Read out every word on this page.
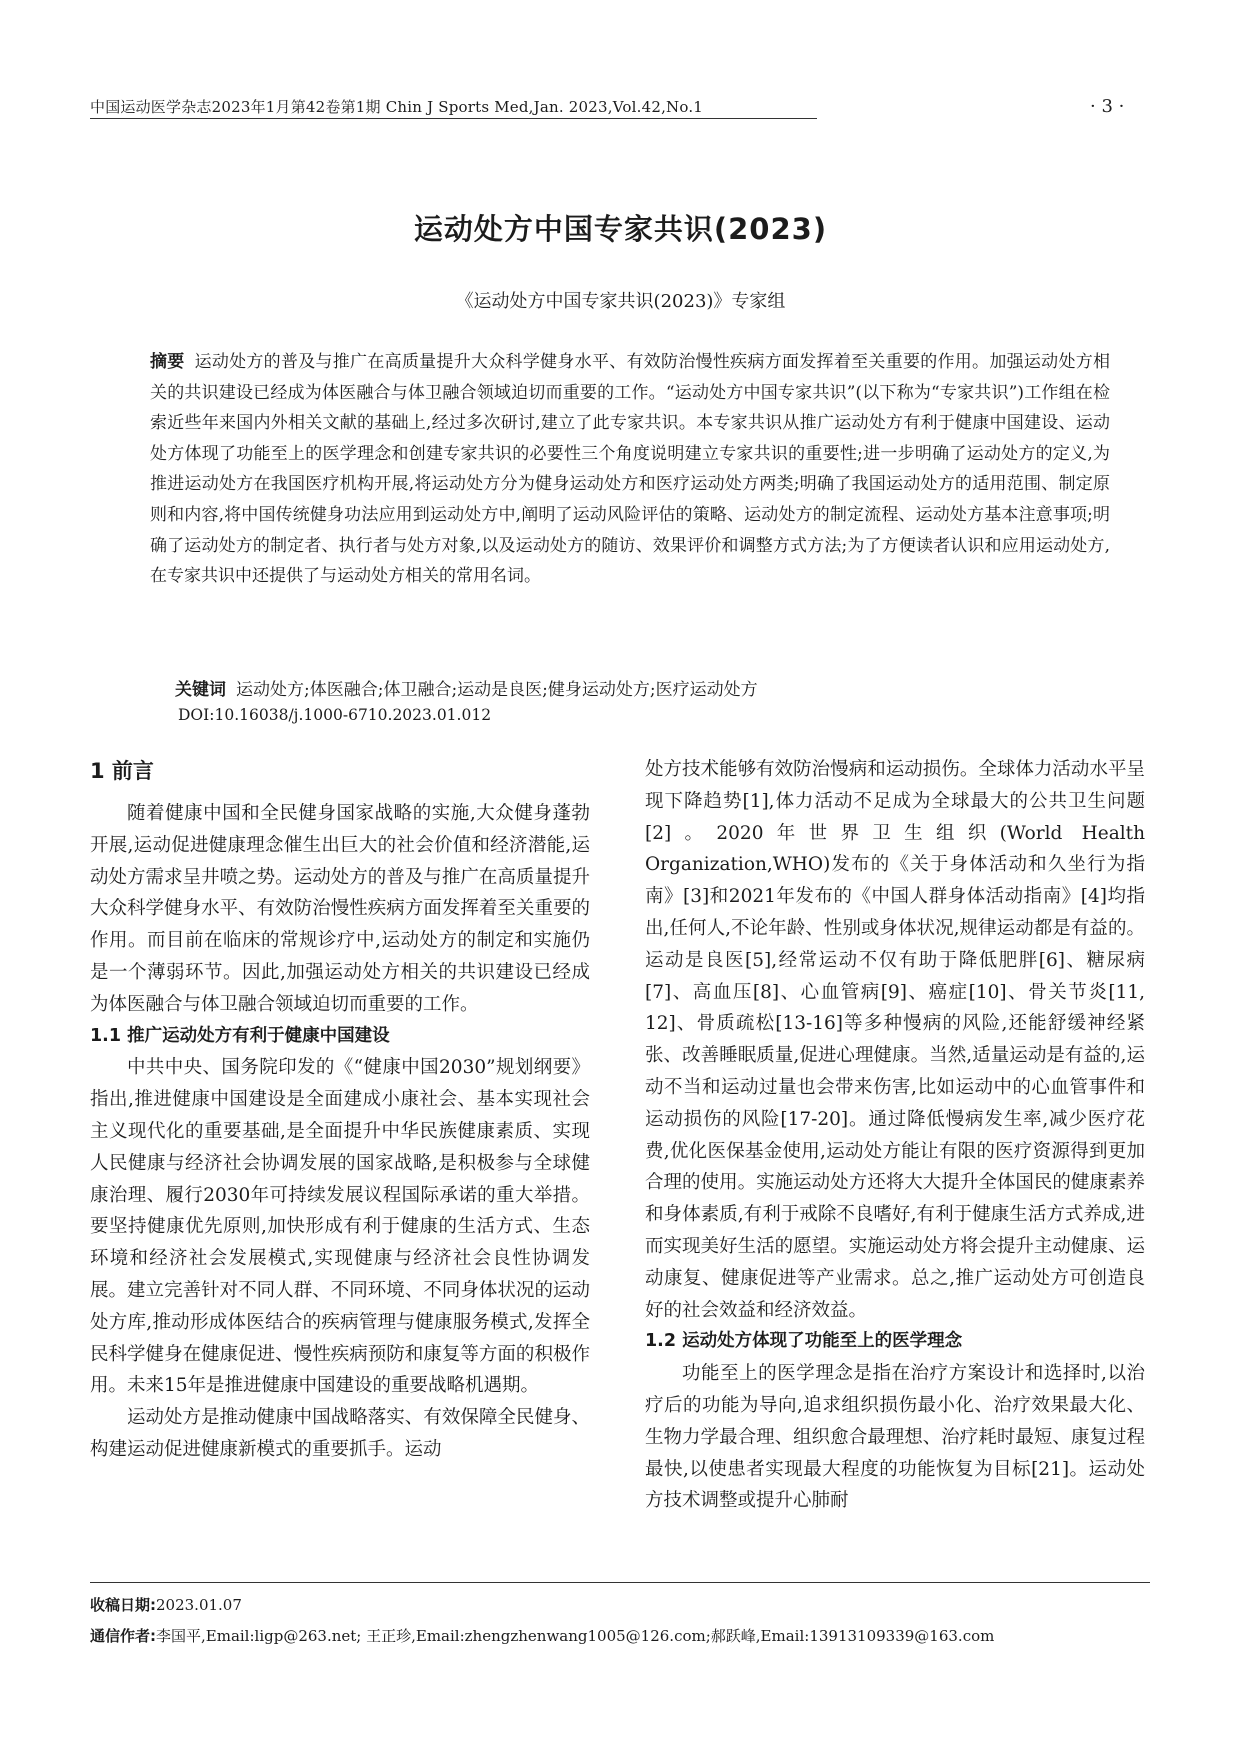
中国运动医学杂志2023年1月第42卷第1期 Chin J Sports Med,Jan. 2023,Vol.42,No.1	· 3 ·
运动处方中国专家共识(2023)
《运动处方中国专家共识(2023)》专家组

摘要 运动处方的普及与推广在高质量提升大众科学健身水平、有效防治慢性疾病方面发挥着至关重要的作用。加强运动处方相关的共识建设已经成为体医融合与体卫融合领域迫切而重要的工作。“运动处方中国专家共识”(以下称为“专家共识”)工作组在检索近些年来国内外相关文献的基础上,经过多次研讨,建立了此专家共识。本专家共识从推广运动处方有利于健康中国建设、运动处方体现了功能至上的医学理念和创建专家共识的必要性三个角度说明建立专家共识的重要性;进一步明确了运动处方的定义,为推进运动处方在我国医疗机构开展,将运动处方分为健身运动处方和医疗运动处方两类;明确了我国运动处方的适用范围、制定原则和内容,将中国传统健身功法应用到运动处方中,阐明了运动风险评估的策略、运动处方的制定流程、运动处方基本注意事项;明确了运动处方的制定者、执行者与处方对象,以及运动处方的随访、效果评价和调整方式方法;为了方便读者认识和应用运动处方,在专家共识中还提供了与运动处方相关的常用名词。

关键词 运动处方;体医融合;体卫融合;运动是良医;健身运动处方;医疗运动处方
DOI:10.16038/j.1000-6710.2023.01.012
1 前言

随着健康中国和全民健身国家战略的实施,大众健身蓬勃开展,运动促进健康理念催生出巨大的社会价值和经济潜能,运动处方需求呈井喷之势。运动处方的普及与推广在高质量提升大众科学健身水平、有效防治慢性疾病方面发挥着至关重要的作用。而目前在临床的常规诊疗中,运动处方的制定和实施仍是一个薄弱环节。因此,加强运动处方相关的共识建设已经成为体医融合与体卫融合领域迫切而重要的工作。

1.1 推广运动处方有利于健康中国建设

中共中央、国务院印发的《“健康中国2030”规划纲要》指出,推进健康中国建设是全面建成小康社会、基本实现社会主义现代化的重要基础,是全面提升中华民族健康素质、实现人民健康与经济社会协调发展的国家战略,是积极参与全球健康治理、履行2030年可持续发展议程国际承诺的重大举措。要坚持健康优先原则,加快形成有利于健康的生活方式、生态环境和经济社会发展模式,实现健康与经济社会良性协调发展。建立完善针对不同人群、不同环境、不同身体状况的运动处方库,推动形成体医结合的疾病管理与健康服务模式,发挥全民科学健身在健康促进、慢性疾病预防和康复等方面的积极作用。未来15年是推进健康中国建设的重要战略机遇期。

运动处方是推动健康中国战略落实、有效保障全民健身、构建运动促进健康新模式的重要抓手。运动

处方技术能够有效防治慢病和运动损伤。全球体力活动水平呈现下降趋势[1],体力活动不足成为全球最大的公共卫生问题[2]。2020年世界卫生组织(World Health Organization,WHO)发布的《关于身体活动和久坐行为指南》[3]和2021年发布的《中国人群身体活动指南》[4]均指出,任何人,不论年龄、性别或身体状况,规律运动都是有益的。运动是良医[5],经常运动不仅有助于降低肥胖[6]、糖尿病[7]、高血压[8]、心血管病[9]、癌症[10]、骨关节炎[11, 12]、骨质疏松[13-16]等多种慢病的风险,还能舒缓神经紧张、改善睡眠质量,促进心理健康。当然,适量运动是有益的,运动不当和运动过量也会带来伤害,比如运动中的心血管事件和运动损伤的风险[17-20]。通过降低慢病发生率,减少医疗花费,优化医保基金使用,运动处方能让有限的医疗资源得到更加合理的使用。实施运动处方还将大大提升全体国民的健康素养和身体素质,有利于戒除不良嗜好,有利于健康生活方式养成,进而实现美好生活的愿望。实施运动处方将会提升主动健康、运动康复、健康促进等产业需求。总之,推广运动处方可创造良好的社会效益和经济效益。

1.2 运动处方体现了功能至上的医学理念

功能至上的医学理念是指在治疗方案设计和选择时,以治疗后的功能为导向,追求组织损伤最小化、治疗效果最大化、生物力学最合理、组织愈合最理想、治疗耗时最短、康复过程最快,以使患者实现最大程度的功能恢复为目标[21]。运动处方技术调整或提升心肺耐

收稿日期:2023.01.07
通信作者:李国平,Email:ligp@263.net; 王正珍,Email:zhengzhenwang1005@126.com;郝跃峰,Email:13913109339@163.com
